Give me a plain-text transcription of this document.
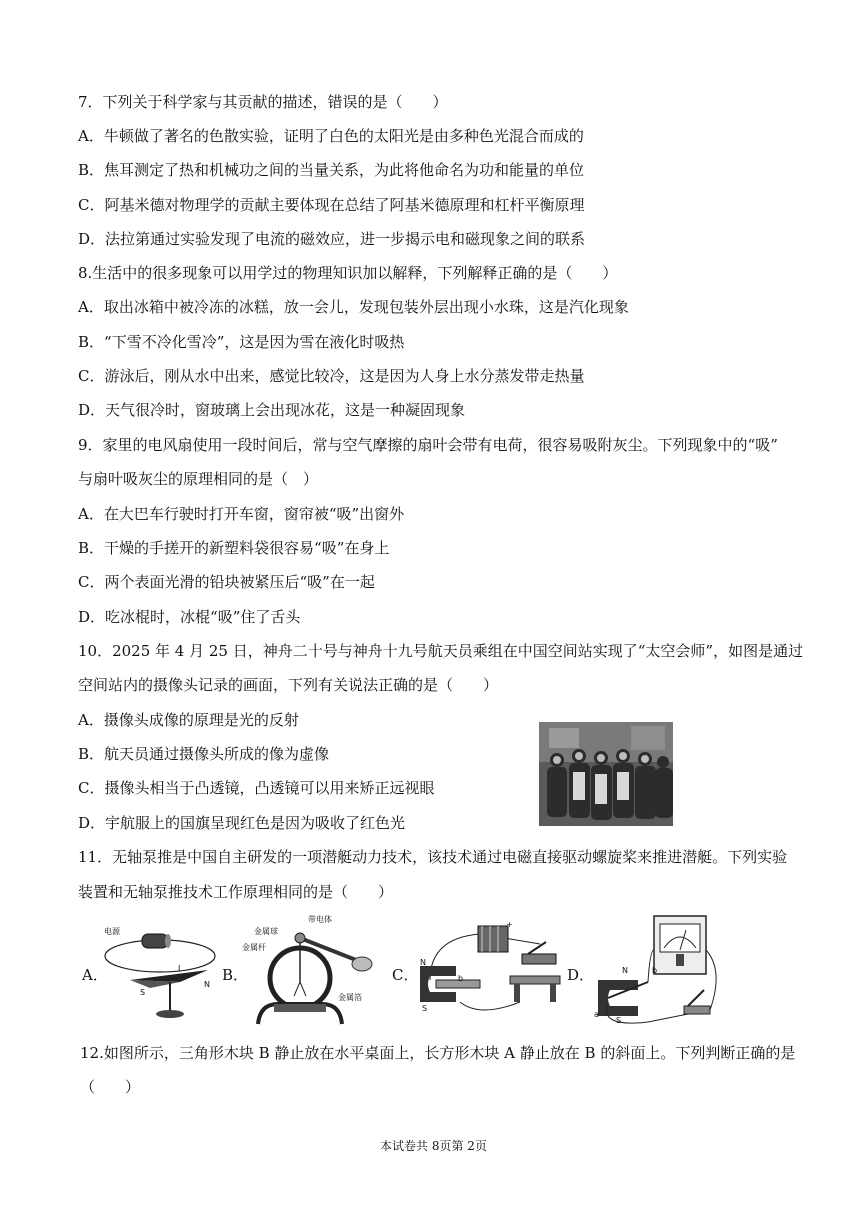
7．下列关于科学家与其贡献的描述，错误的是（　　）
A．牛顿做了著名的色散实验，证明了白色的太阳光是由多种色光混合而成的
B．焦耳测定了热和机械功之间的当量关系，为此将他命名为功和能量的单位
C．阿基米德对物理学的贡献主要体现在总结了阿基米德原理和杠杆平衡原理
D．法拉第通过实验发现了电流的磁效应，进一步揭示电和磁现象之间的联系
8.生活中的很多现象可以用学过的物理知识加以解释，下列解释正确的是（　　）
A．取出冰箱中被冷冻的冰糕，放一会儿，发现包装外层出现小水珠，这是汽化现象
B．“下雪不冷化雪冷”，这是因为雪在液化时吸热
C．游泳后，刚从水中出来，感觉比较冷，这是因为人身上水分蒸发带走热量
D．天气很冷时，窗玻璃上会出现冰花，这是一种凝固现象
9．家里的电风扇使用一段时间后，常与空气摩擦的扇叶会带有电荷，很容易吸附灰尘。下列现象中的“吸”
与扇叶吸灰尘的原理相同的是（　）
A．在大巴车行驶时打开车窗，窗帘被“吸”出窗外
B．干燥的手搓开的新塑料袋很容易“吸”在身上
C．两个表面光滑的铅块被紧压后“吸”在一起
D．吃冰棍时，冰棍“吸”住了舌头
10．2025 年 4 月 25 日，神舟二十号与神舟十九号航天员乘组在中国空间站实现了“太空会师”，如图是通过
空间站内的摄像头记录的画面，下列有关说法正确的是（　　）
A．摄像头成像的原理是光的反射
B．航天员通过摄像头所成的像为虚像
C．摄像头相当于凸透镜，凸透镜可以用来矫正远视眼
D．宇航服上的国旗呈现红色是因为吸收了红色光
11．无轴泵推是中国自主研发的一项潜艇动力技术，该技术通过电磁直接驱动螺旋桨来推进潜艇。下列实验
装置和无轴泵推技术工作原理相同的是（　　）
A．	B．	C．	D．
电源
I
S
N
带电体
金属球
金属杆
金属箔
N
S
b
+
N
S
a
b
12.如图所示，三角形木块 B 静止放在水平桌面上，长方形木块 A 静止放在 B 的斜面上。下列判断正确的是
（　　）
本试卷共 8页第 2页
